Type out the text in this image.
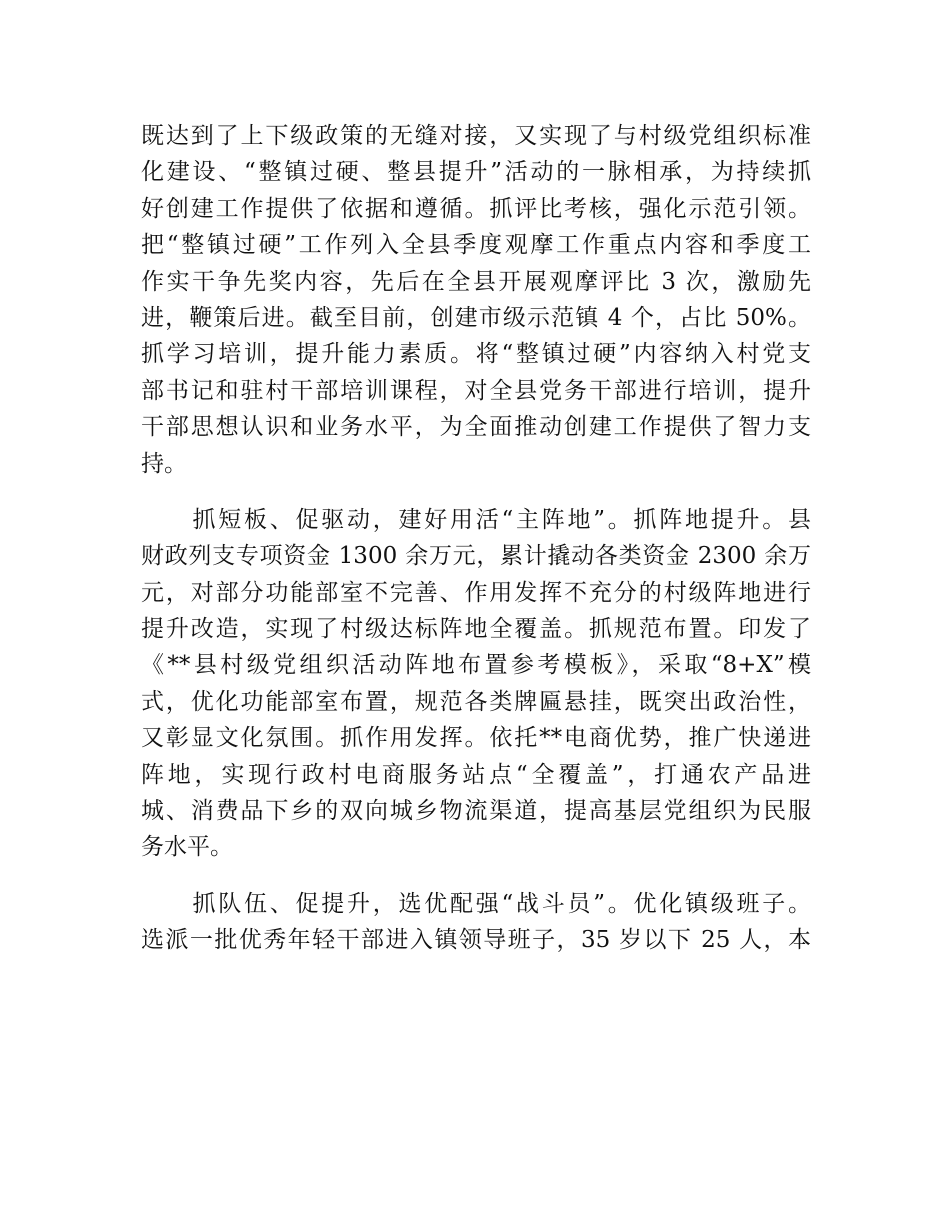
既达到了上下级政策的无缝对接，又实现了与村级党组织标准
化建设、“整镇过硬、整县提升”活动的一脉相承，为持续抓
好创建工作提供了依据和遵循。抓评比考核，强化示范引领。
把“整镇过硬”工作列入全县季度观摩工作重点内容和季度工
作实干争先奖内容，先后在全县开展观摩评比 3 次，激励先
进，鞭策后进。截至目前，创建市级示范镇 4 个，占比 50%。
抓学习培训，提升能力素质。将“整镇过硬”内容纳入村党支
部书记和驻村干部培训课程，对全县党务干部进行培训，提升
干部思想认识和业务水平，为全面推动创建工作提供了智力支
持。
　　抓短板、促驱动，建好用活“主阵地”。抓阵地提升。县
财政列支专项资金 1300 余万元，累计撬动各类资金 2300 余万
元，对部分功能部室不完善、作用发挥不充分的村级阵地进行
提升改造，实现了村级达标阵地全覆盖。抓规范布置。印发了
《**县村级党组织活动阵地布置参考模板》，采取“8+X”模
式，优化功能部室布置，规范各类牌匾悬挂，既突出政治性，
又彰显文化氛围。抓作用发挥。依托**电商优势，推广快递进
阵地，实现行政村电商服务站点“全覆盖”，打通农产品进
城、消费品下乡的双向城乡物流渠道，提高基层党组织为民服
务水平。
　　抓队伍、促提升，选优配强“战斗员”。优化镇级班子。
选派一批优秀年轻干部进入镇领导班子，35 岁以下 25 人，本
